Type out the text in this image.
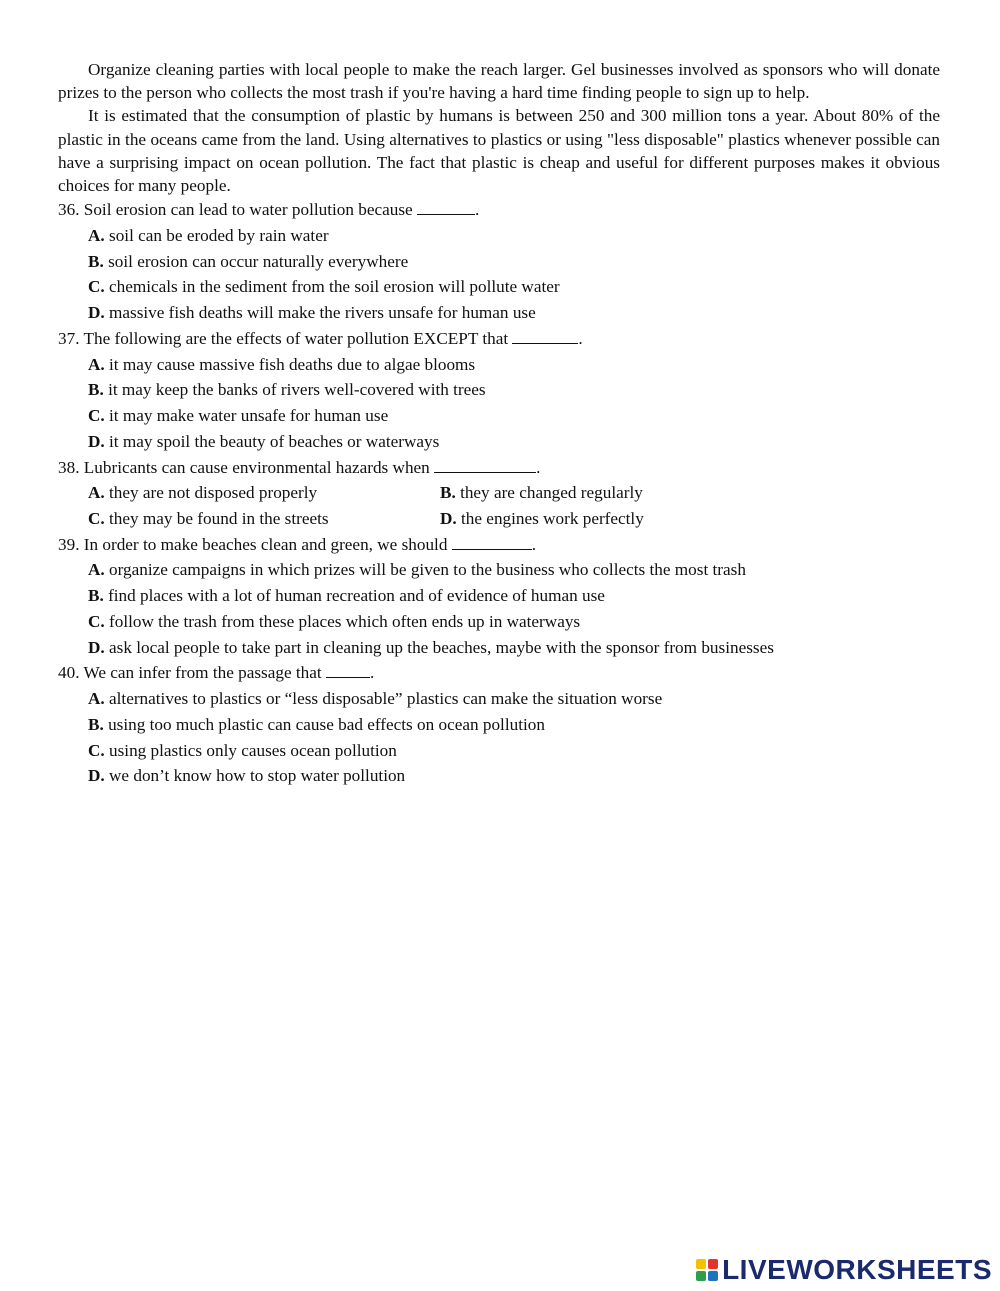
Organize cleaning parties with local people to make the reach larger. Gel businesses involved as sponsors who will donate prizes to the person who collects the most trash if you're having a hard time finding people to sign up to help.

It is estimated that the consumption of plastic by humans is between 250 and 300 million tons a year. About 80% of the plastic in the oceans came from the land. Using alternatives to plastics or using "less disposable" plastics whenever possible can have a surprising impact on ocean pollution. The fact that plastic is cheap and useful for different purposes makes it obvious choices for many people.

36. Soil erosion can lead to water pollution because	.

A. soil can be eroded by rain water
B. soil erosion can occur naturally everywhere
C. chemicals in the sediment from the soil erosion will pollute water
D. massive fish deaths will make the rivers unsafe for human use

37. The following are the effects of water pollution EXCEPT that	.

A. it may cause massive fish deaths due to algae blooms
B. it may keep the banks of rivers well-covered with trees
C. it may make water unsafe for human use
D. it may spoil the beauty of beaches or waterways

38. Lubricants can cause environmental hazards when	.

A. they are not disposed properly	B. they are changed regularly
C. they may be found in the streets	D. the engines work perfectly

39. In order to make beaches clean and green, we should	.

A. organize campaigns in which prizes will be given to the business who collects the most trash
B. find places with a lot of human recreation and of evidence of human use
C. follow the trash from these places which often ends up in waterways
D. ask local people to take part in cleaning up the beaches, maybe with the sponsor from businesses

40. We can infer from the passage that	.

A. alternatives to plastics or “less disposable” plastics can make the situation worse
B. using too much plastic can cause bad effects on ocean pollution
C. using plastics only causes ocean pollution
D. we don’t know how to stop water pollution
LIVEWORKSHEETS
